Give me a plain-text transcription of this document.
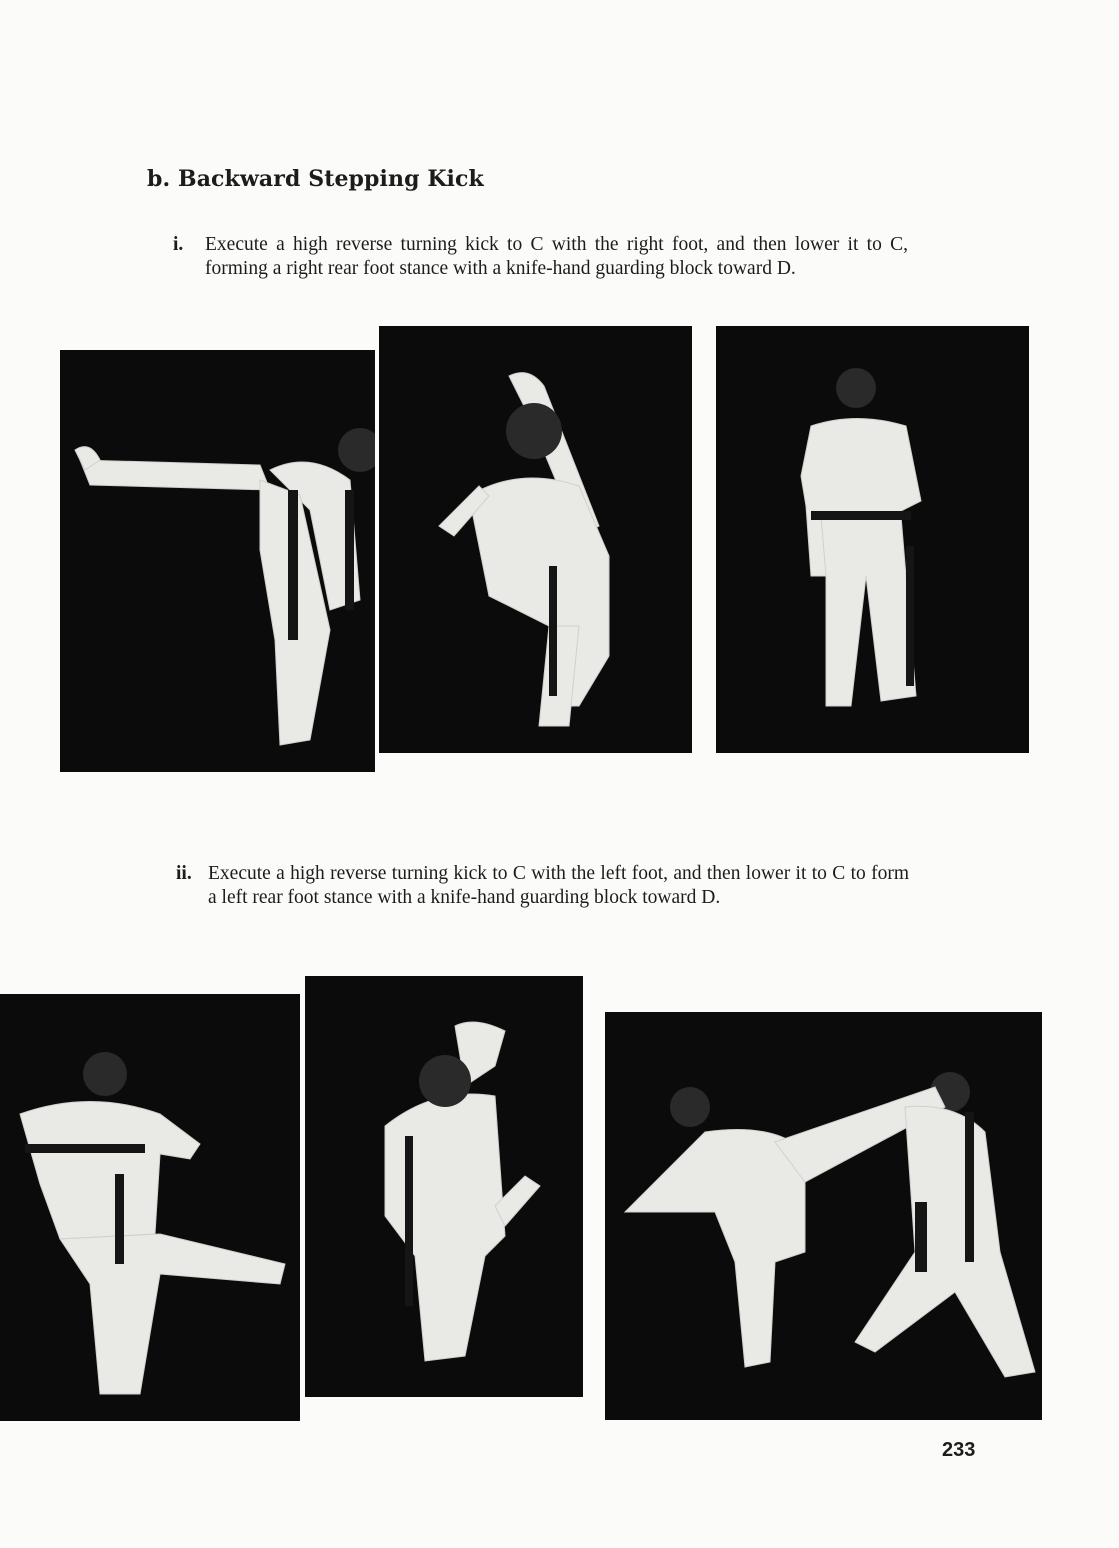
b. Backward Stepping Kick
i.	Execute a high reverse turning kick to C with the right foot, and then lower it to C, forming a right rear foot stance with a knife-hand guarding block toward D.
ii. Execute a high reverse turning kick to C with the left foot, and then lower it to C to form a left rear foot stance with a knife-hand guarding block toward D.

233
